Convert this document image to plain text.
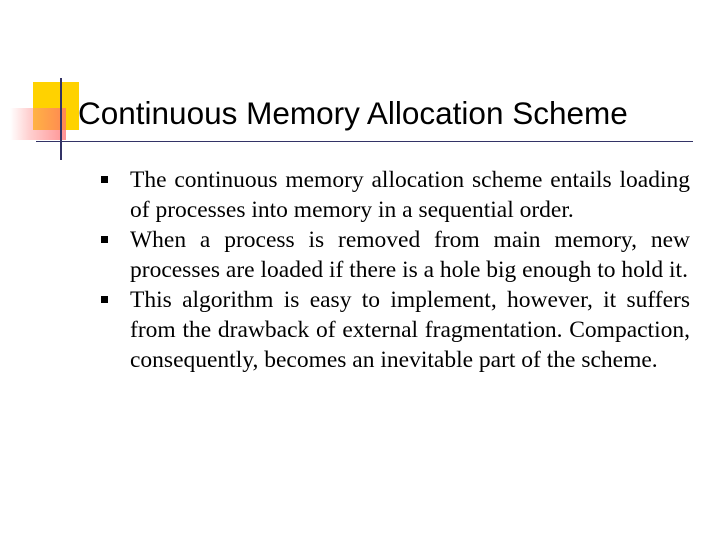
Continuous Memory Allocation Scheme
The continuous memory allocation scheme entails loading of processes into memory in a sequential order.
When a process is removed from main memory, new processes are loaded if there is a hole big enough to hold it.
This algorithm is easy to implement, however, it suffers from the drawback of external fragmentation. Compaction, consequently, becomes an inevitable part of the scheme.
